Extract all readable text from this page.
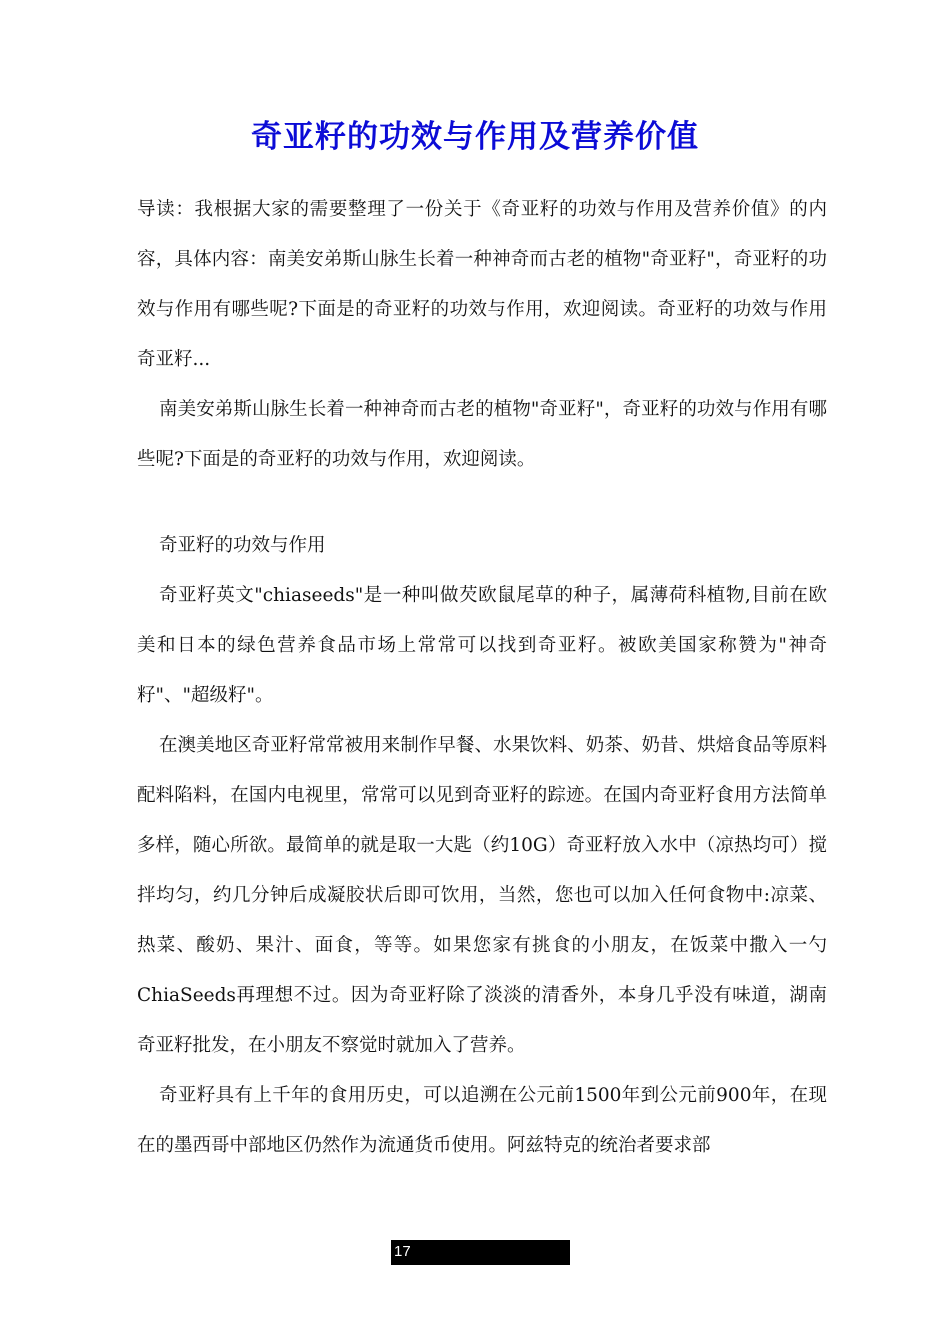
奇亚籽的功效与作用及营养价值

导读：我根据大家的需要整理了一份关于《奇亚籽的功效与作用及营养价值》的内容，具体内容：南美安弟斯山脉生长着一种神奇而古老的植物"奇亚籽"，奇亚籽的功效与作用有哪些呢?下面是的奇亚籽的功效与作用，欢迎阅读。奇亚籽的功效与作用奇亚籽...

南美安弟斯山脉生长着一种神奇而古老的植物"奇亚籽"，奇亚籽的功效与作用有哪些呢?下面是的奇亚籽的功效与作用，欢迎阅读。

奇亚籽的功效与作用

奇亚籽英文"chiaseeds"是一种叫做芡欧鼠尾草的种子，属薄荷科植物,目前在欧美和日本的绿色营养食品市场上常常可以找到奇亚籽。被欧美国家称赞为"神奇籽"、"超级籽"。

在澳美地区奇亚籽常常被用来制作早餐、水果饮料、奶茶、奶昔、烘焙食品等原料配料陷料，在国内电视里，常常可以见到奇亚籽的踪迹。在国内奇亚籽食用方法简单多样，随心所欲。最简单的就是取一大匙（约10G）奇亚籽放入水中（凉热均可）搅拌均匀，约几分钟后成凝胶状后即可饮用，当然，您也可以加入任何食物中:凉菜、热菜、酸奶、果汁、面食，等等。如果您家有挑食的小朋友，在饭菜中撒入一勺ChiaSeeds再理想不过。因为奇亚籽除了淡淡的清香外，本身几乎没有味道，湖南奇亚籽批发，在小朋友不察觉时就加入了营养。

奇亚籽具有上千年的食用历史，可以追溯在公元前1500年到公元前900年，在现在的墨西哥中部地区仍然作为流通货币使用。阿兹特克的统治者要求部

17
